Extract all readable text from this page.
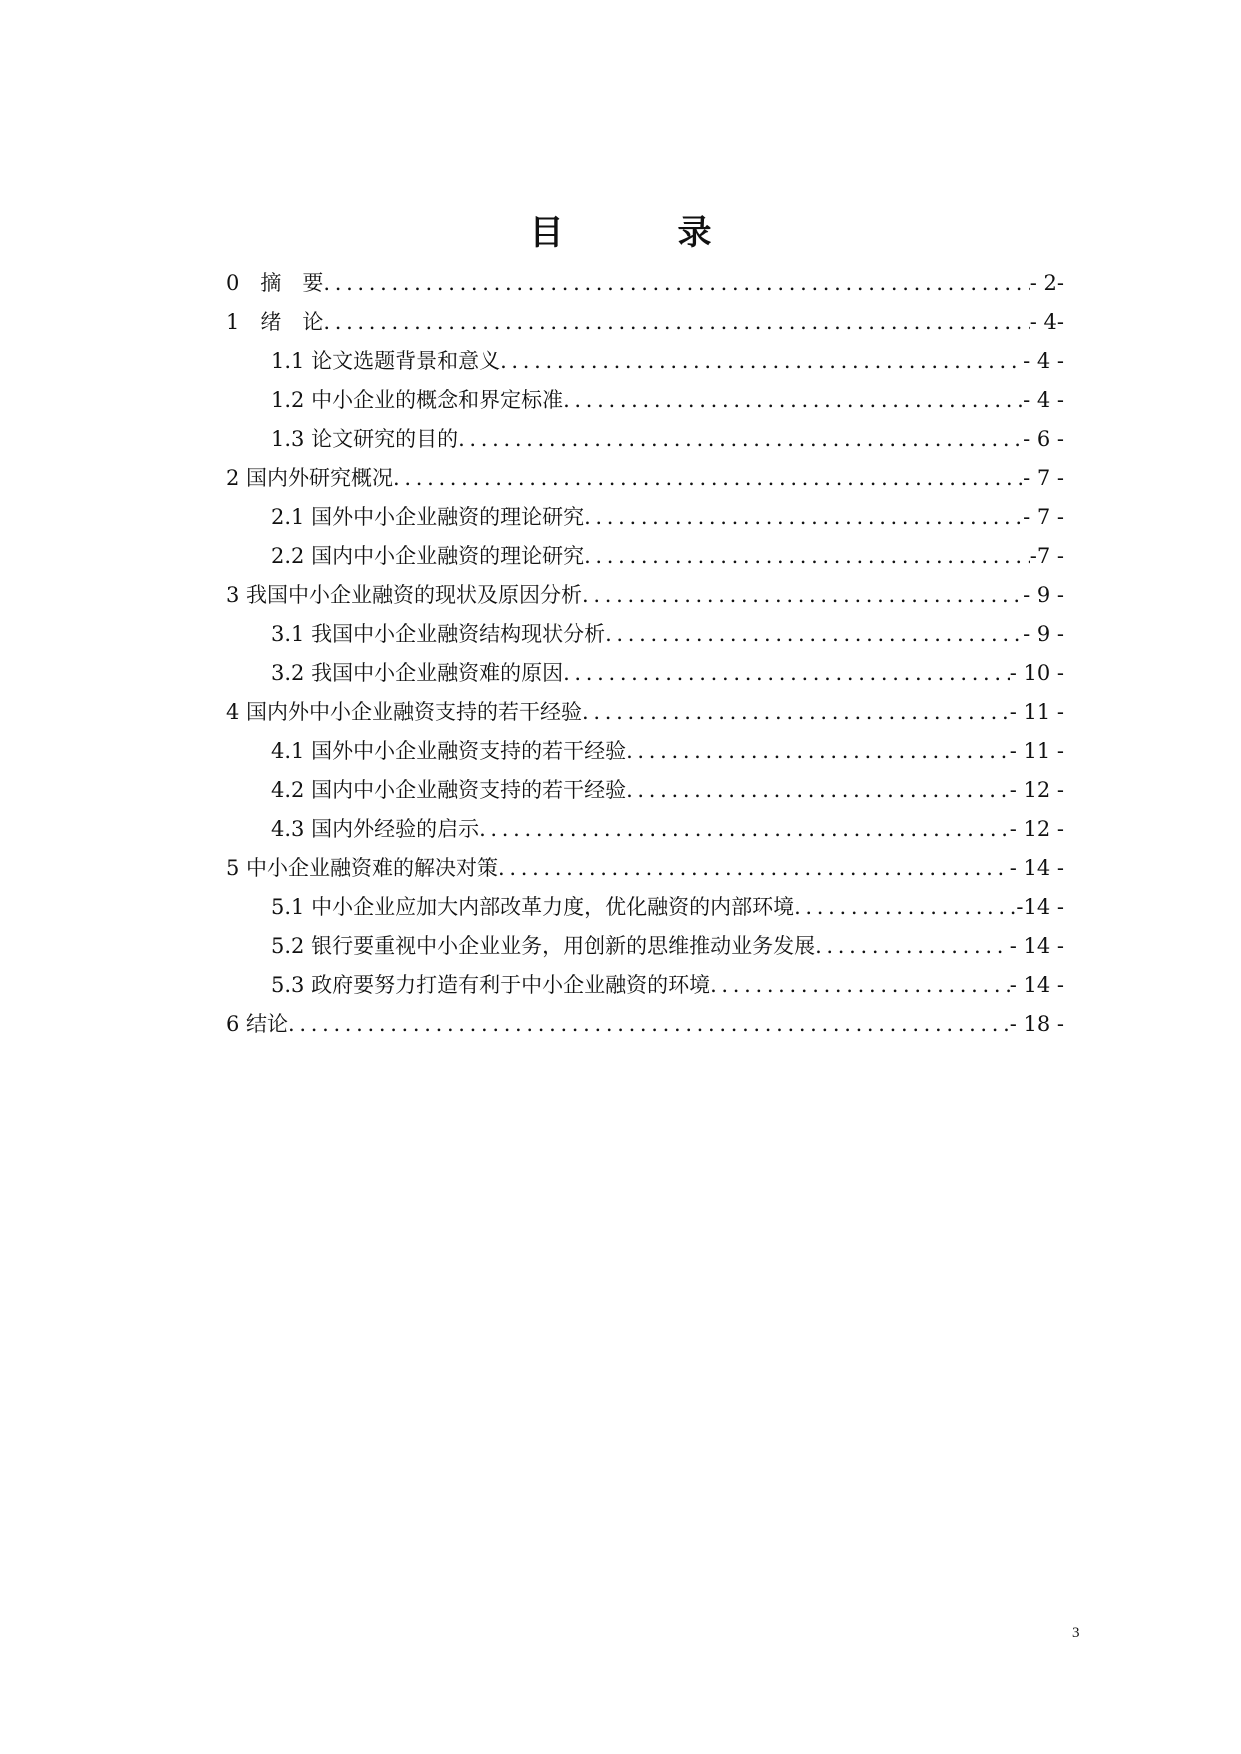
目　录
0　摘　要 . . .	- 2-
1　绪　论 . . .	- 4-
1.1 论文选题背景和意义 . . .	- 4 -
1.2 中小企业的概念和界定标准 . . .	- 4 -
1.3 论文研究的目的 . . .	- 6 -
2 国内外研究概况 . . .	- 7 -
2.1 国外中小企业融资的理论研究 . . .	- 7 -
2.2 国内中小企业融资的理论研究 . . .	-7 -
3 我国中小企业融资的现状及原因分析 . . .	- 9 -
3.1 我国中小企业融资结构现状分析 . . .	- 9 -
3.2 我国中小企业融资难的原因 . . .	- 10 -
4 国内外中小企业融资支持的若干经验 . . .	- 11 -
4.1 国外中小企业融资支持的若干经验 . . .	- 11 -
4.2 国内中小企业融资支持的若干经验 . . .	- 12 -
4.3 国内外经验的启示 . . .	- 12 -
5 中小企业融资难的解决对策 . . .	- 14 -
5.1 中小企业应加大内部改革力度，优化融资的内部环境 . . .	-14 -
5.2 银行要重视中小企业业务，用创新的思维推动业务发展 . . .	- 14 -
5.3 政府要努力打造有利于中小企业融资的环境 . . .	- 14 -
6 结论 . . .	- 18 -
3
